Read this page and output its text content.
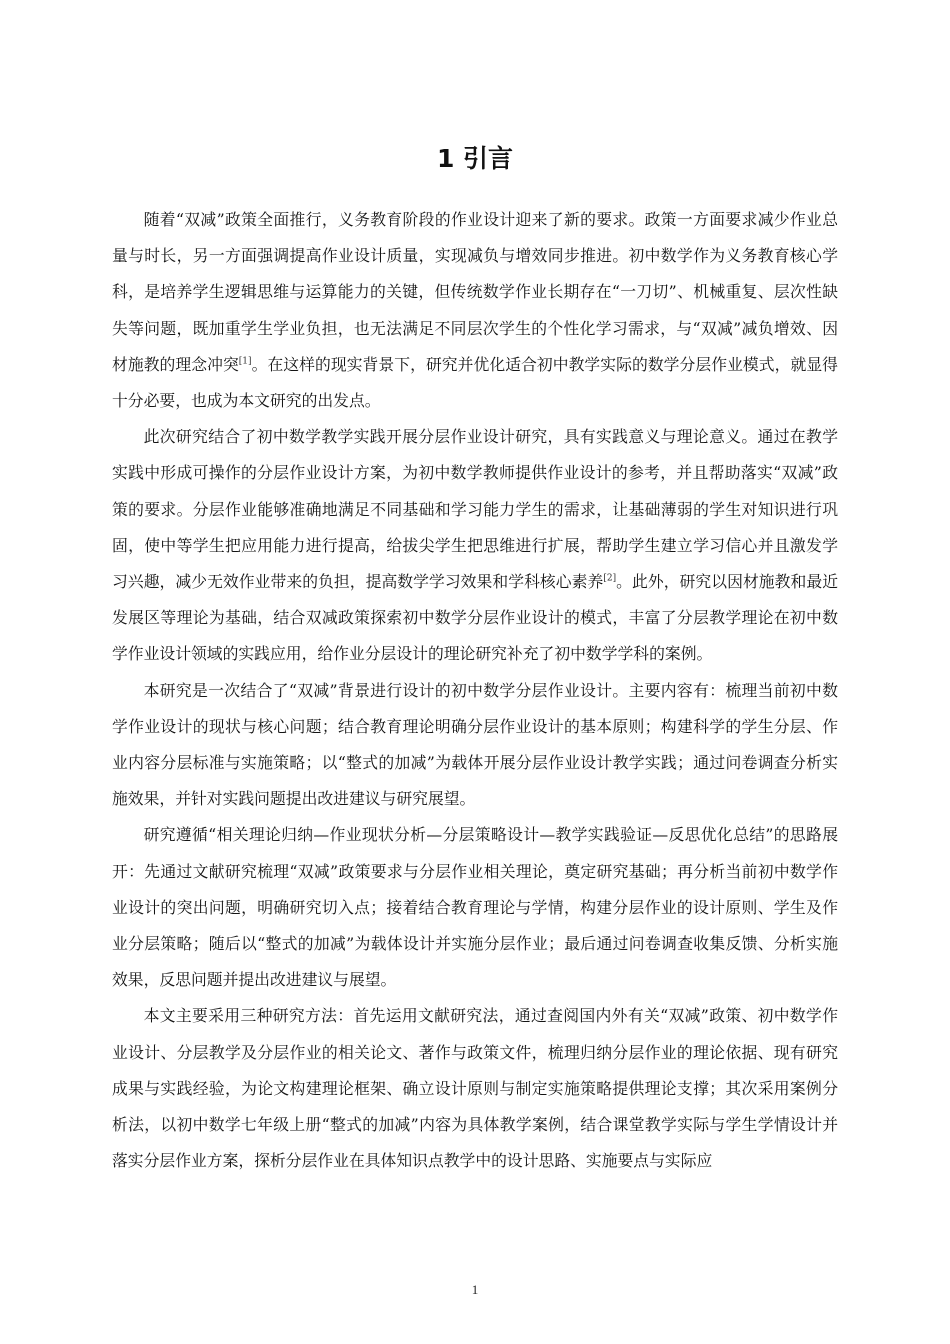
1 引言

随着“双减”政策全面推行，义务教育阶段的作业设计迎来了新的要求。政策一方面要求减少作业总量与时长，另一方面强调提高作业设计质量，实现减负与增效同步推进。初中数学作为义务教育核心学科，是培养学生逻辑思维与运算能力的关键，但传统数学作业长期存在“一刀切”、机械重复、层次性缺失等问题，既加重学生学业负担，也无法满足不同层次学生的个性化学习需求，与“双减”减负增效、因材施教的理念冲突[1]。在这样的现实背景下，研究并优化适合初中教学实际的数学分层作业模式，就显得十分必要，也成为本文研究的出发点。

此次研究结合了初中数学教学实践开展分层作业设计研究，具有实践意义与理论意义。通过在教学实践中形成可操作的分层作业设计方案，为初中数学教师提供作业设计的参考，并且帮助落实“双减”政策的要求。分层作业能够准确地满足不同基础和学习能力学生的需求，让基础薄弱的学生对知识进行巩固，使中等学生把应用能力进行提高，给拔尖学生把思维进行扩展，帮助学生建立学习信心并且激发学习兴趣，减少无效作业带来的负担，提高数学学习效果和学科核心素养[2]。此外，研究以因材施教和最近发展区等理论为基础，结合双减政策探索初中数学分层作业设计的模式，丰富了分层教学理论在初中数学作业设计领域的实践应用，给作业分层设计的理论研究补充了初中数学学科的案例。

本研究是一次结合了“双减”背景进行设计的初中数学分层作业设计。主要内容有：梳理当前初中数学作业设计的现状与核心问题；结合教育理论明确分层作业设计的基本原则；构建科学的学生分层、作业内容分层标准与实施策略；以“整式的加减”为载体开展分层作业设计教学实践；通过问卷调查分析实施效果，并针对实践问题提出改进建议与研究展望。

研究遵循“相关理论归纳—作业现状分析—分层策略设计—教学实践验证—反思优化总结”的思路展开：先通过文献研究梳理“双减”政策要求与分层作业相关理论，奠定研究基础；再分析当前初中数学作业设计的突出问题，明确研究切入点；接着结合教育理论与学情，构建分层作业的设计原则、学生及作业分层策略；随后以“整式的加减”为载体设计并实施分层作业；最后通过问卷调查收集反馈、分析实施效果，反思问题并提出改进建议与展望。

本文主要采用三种研究方法：首先运用文献研究法，通过查阅国内外有关“双减”政策、初中数学作业设计、分层教学及分层作业的相关论文、著作与政策文件，梳理归纳分层作业的理论依据、现有研究成果与实践经验，为论文构建理论框架、确立设计原则与制定实施策略提供理论支撑；其次采用案例分析法，以初中数学七年级上册“整式的加减”内容为具体教学案例，结合课堂教学实际与学生学情设计并落实分层作业方案，探析分层作业在具体知识点教学中的设计思路、实施要点与实际应

1
